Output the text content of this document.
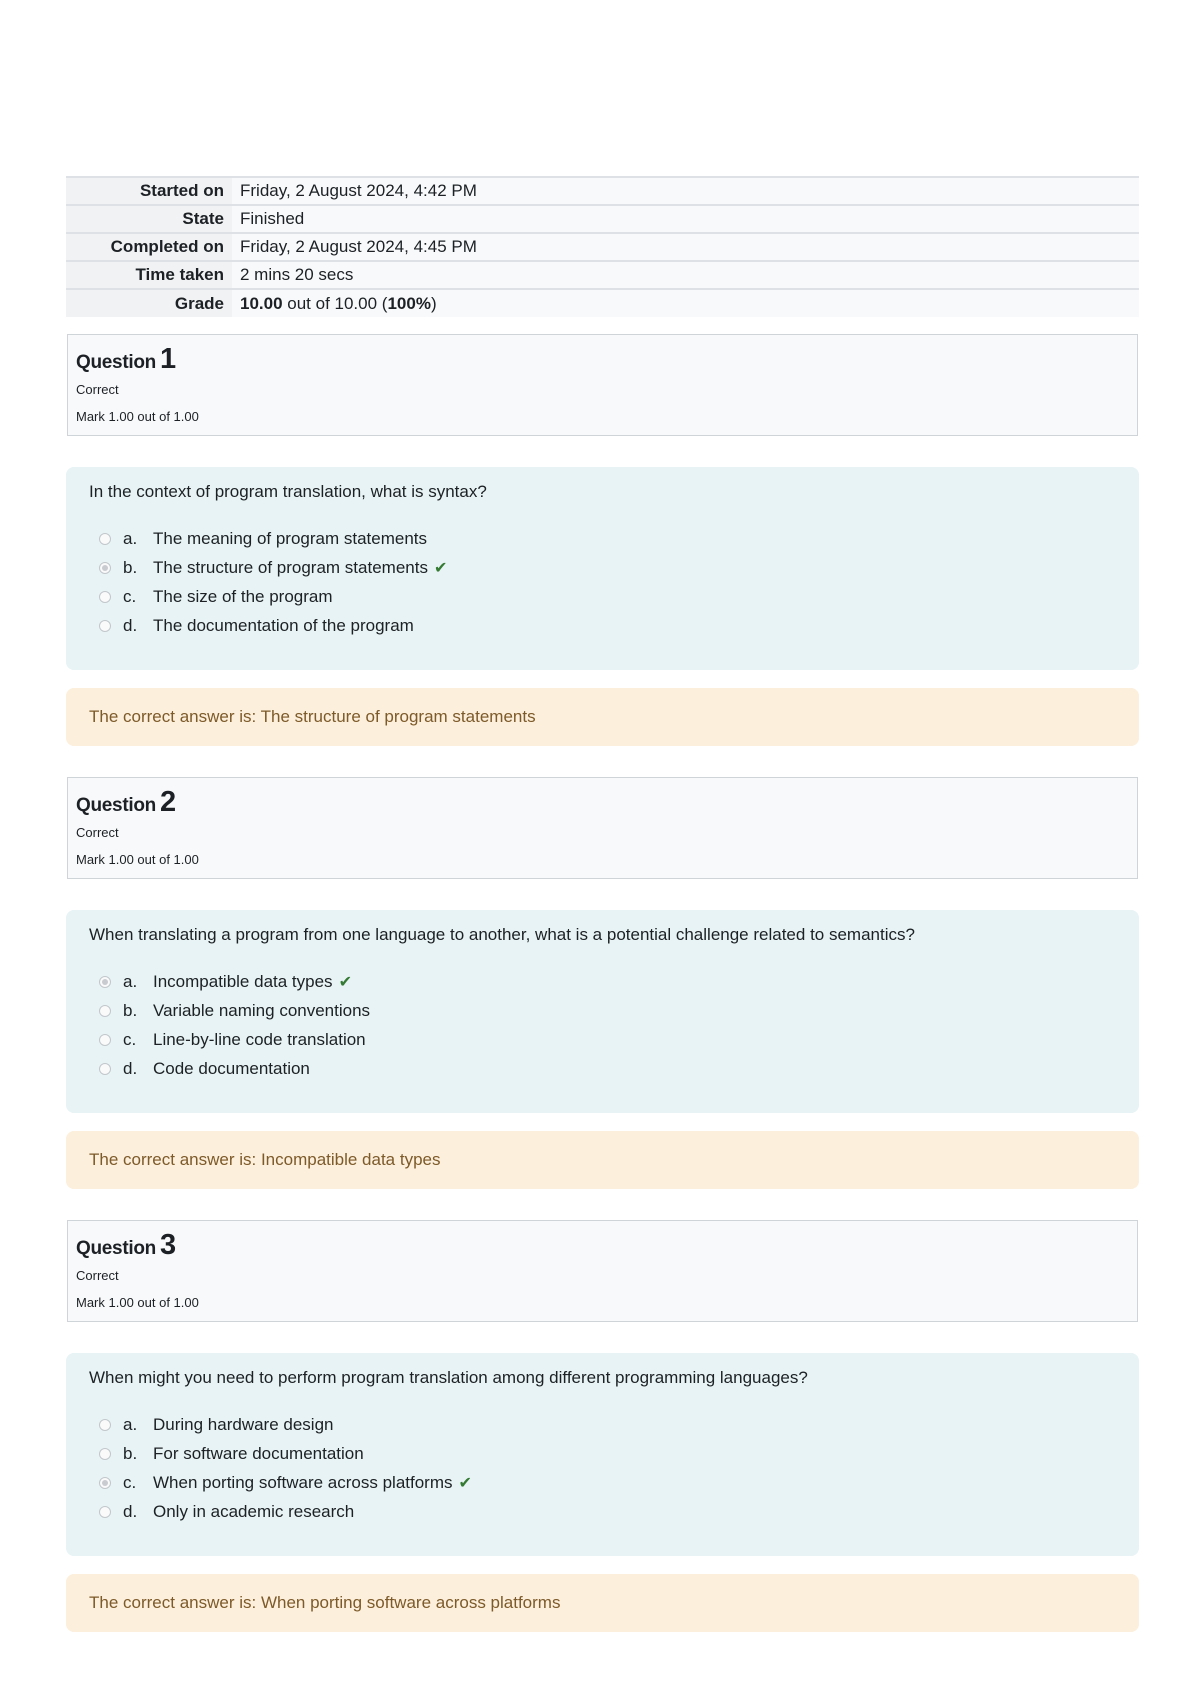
Started on	Friday, 2 August 2024, 4:42 PM
State	Finished
Completed on	Friday, 2 August 2024, 4:45 PM
Time taken	2 mins 20 secs
Grade	10.00 out of 10.00 (100%)
Question 1
Correct
Mark 1.00 out of 1.00
In the context of program translation, what is syntax?
a. The meaning of program statements
b. The structure of program statements ✔
c. The size of the program
d. The documentation of the program
The correct answer is: The structure of program statements
Question 2
Correct
Mark 1.00 out of 1.00
When translating a program from one language to another, what is a potential challenge related to semantics?
a. Incompatible data types ✔
b. Variable naming conventions
c. Line-by-line code translation
d. Code documentation
The correct answer is: Incompatible data types
Question 3
Correct
Mark 1.00 out of 1.00
When might you need to perform program translation among different programming languages?
a. During hardware design
b. For software documentation
c. When porting software across platforms ✔
d. Only in academic research
The correct answer is: When porting software across platforms
